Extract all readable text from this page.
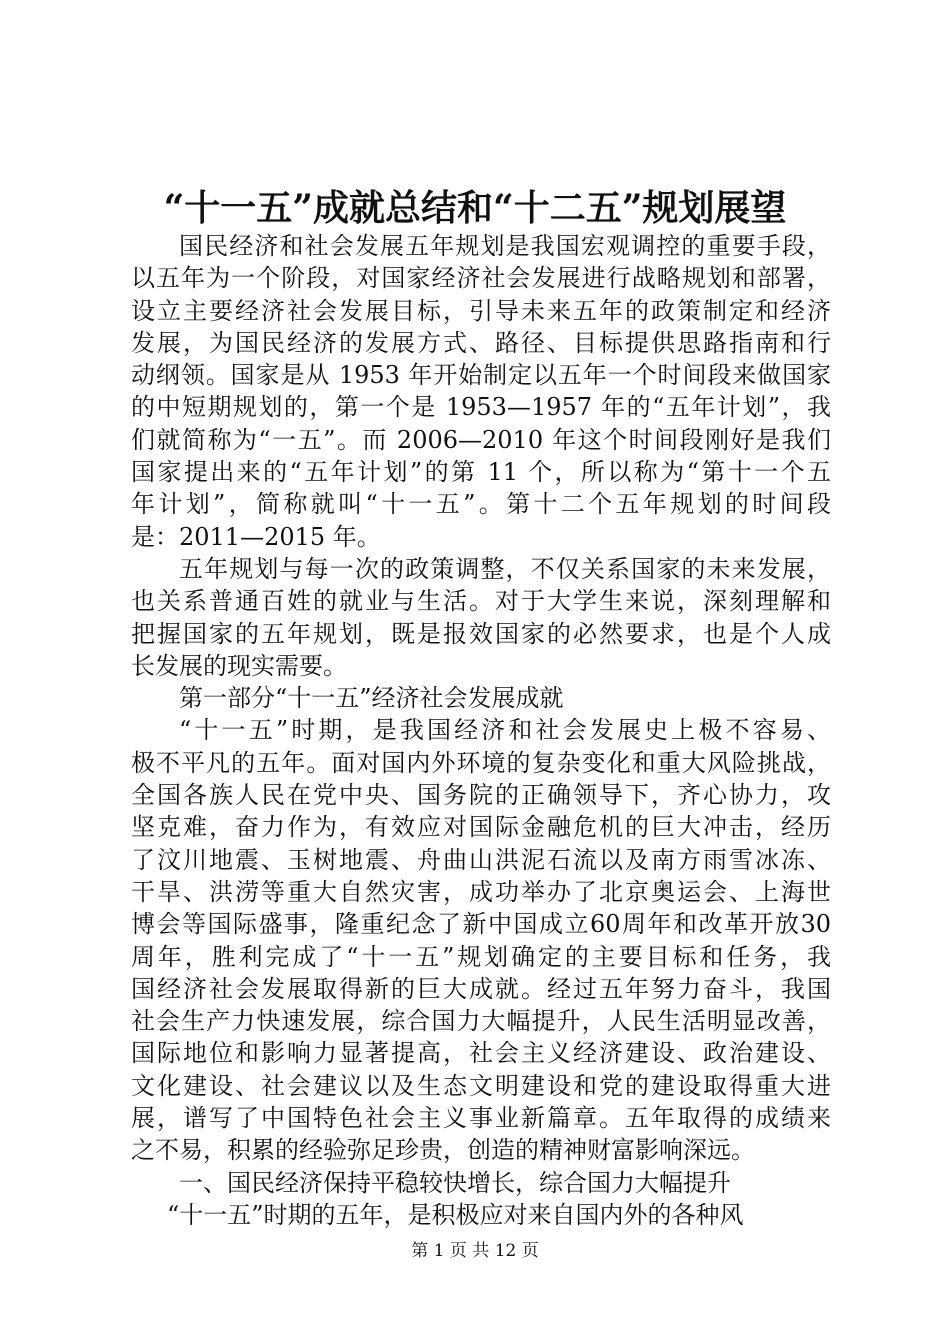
“十一五”成就总结和“十二五”规划展望
国民经济和社会发展五年规划是我国宏观调控的重要手段，
以五年为一个阶段，对国家经济社会发展进行战略规划和部署，
设立主要经济社会发展目标，引导未来五年的政策制定和经济
发展，为国民经济的发展方式、路径、目标提供思路指南和行
动纲领。国家是从 1953 年开始制定以五年一个时间段来做国家
的中短期规划的，第一个是 1953—1957 年的“五年计划”，我
们就简称为“一五”。而 2006—2010 年这个时间段刚好是我们
国家提出来的“五年计划”的第 11 个，所以称为“第十一个五
年计划”，简称就叫“十一五”。第十二个五年规划的时间段
是：2011—2015 年。
五年规划与每一次的政策调整，不仅关系国家的未来发展，
也关系普通百姓的就业与生活。对于大学生来说，深刻理解和
把握国家的五年规划，既是报效国家的必然要求，也是个人成
长发展的现实需要。
第一部分“十一五”经济社会发展成就
“十一五”时期，是我国经济和社会发展史上极不容易、
极不平凡的五年。面对国内外环境的复杂变化和重大风险挑战，
全国各族人民在党中央、国务院的正确领导下，齐心协力，攻
坚克难，奋力作为，有效应对国际金融危机的巨大冲击，经历
了汶川地震、玉树地震、舟曲山洪泥石流以及南方雨雪冰冻、
干旱、洪涝等重大自然灾害，成功举办了北京奥运会、上海世
博会等国际盛事，隆重纪念了新中国成立60周年和改革开放30
周年，胜利完成了“十一五”规划确定的主要目标和任务，我
国经济社会发展取得新的巨大成就。经过五年努力奋斗，我国
社会生产力快速发展，综合国力大幅提升，人民生活明显改善，
国际地位和影响力显著提高，社会主义经济建设、政治建设、
文化建设、社会建议以及生态文明建设和党的建设取得重大进
展，谱写了中国特色社会主义事业新篇章。五年取得的成绩来
之不易，积累的经验弥足珍贵，创造的精神财富影响深远。
一、国民经济保持平稳较快增长，综合国力大幅提升
“十一五”时期的五年，是积极应对来自国内外的各种风
第 1 页 共 12 页
